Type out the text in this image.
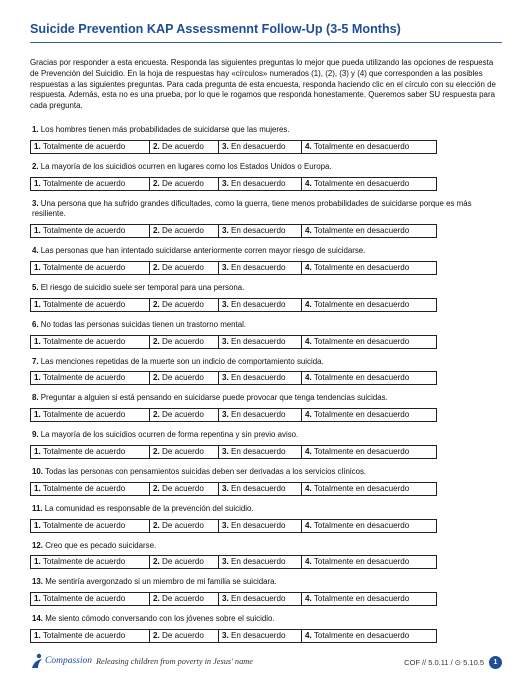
Suicide Prevention KAP Assessmennt Follow-Up (3-5 Months)
Gracias por responder a esta encuesta. Responda las siguientes preguntas lo mejor que pueda utilizando las opciones de respuesta de Prevención del Suicidio. En la hoja de respuestas hay «círculos» numerados (1), (2), (3) y (4) que corresponden a las posibles respuestas a las siguientes preguntas. Para cada pregunta de esta encuesta, responda haciendo clic en el círculo con su elección de respuesta. Además, esta no es una prueba, por lo que le rogamos que responda honestamente. Queremos saber SU respuesta para cada pregunta.
1. Los hombres tienen más probabilidades de suicidarse que las mujeres.
1. Totalmente de acuerdo	2. De acuerdo	3. En desacuerdo	4. Totalmente en desacuerdo
2. La mayoría de los suicidios ocurren en lugares como los Estados Unidos o Europa.
1. Totalmente de acuerdo	2. De acuerdo	3. En desacuerdo	4. Totalmente en desacuerdo
3. Una persona que ha sufrido grandes dificultades, como la guerra, tiene menos probabilidades de suicidarse porque es más resiliente.
1. Totalmente de acuerdo	2. De acuerdo	3. En desacuerdo	4. Totalmente en desacuerdo
4. Las personas que han intentado suicidarse anteriormente corren mayor riesgo de suicidarse.
1. Totalmente de acuerdo	2. De acuerdo	3. En desacuerdo	4. Totalmente en desacuerdo
5. El riesgo de suicidio suele ser temporal para una persona.
1. Totalmente de acuerdo	2. De acuerdo	3. En desacuerdo	4. Totalmente en desacuerdo
6. No todas las personas suicidas tienen un trastorno mental.
1. Totalmente de acuerdo	2. De acuerdo	3. En desacuerdo	4. Totalmente en desacuerdo
7. Las menciones repetidas de la muerte son un indicio de comportamiento suicida.
1. Totalmente de acuerdo	2. De acuerdo	3. En desacuerdo	4. Totalmente en desacuerdo
8. Preguntar a alguien si está pensando en suicidarse puede provocar que tenga tendencias suicidas.
1. Totalmente de acuerdo	2. De acuerdo	3. En desacuerdo	4. Totalmente en desacuerdo
9. La mayoría de los suicidios ocurren de forma repentina y sin previo aviso.
1. Totalmente de acuerdo	2. De acuerdo	3. En desacuerdo	4. Totalmente en desacuerdo
10. Todas las personas con pensamientos suicidas deben ser derivadas a los servicios clínicos.
1. Totalmente de acuerdo	2. De acuerdo	3. En desacuerdo	4. Totalmente en desacuerdo
11. La comunidad es responsable de la prevención del suicidio.
1. Totalmente de acuerdo	2. De acuerdo	3. En desacuerdo	4. Totalmente en desacuerdo
12. Creo que es pecado suicidarse.
1. Totalmente de acuerdo	2. De acuerdo	3. En desacuerdo	4. Totalmente en desacuerdo
13. Me sentiría avergonzado si un miembro de mi familia se suicidara.
1. Totalmente de acuerdo	2. De acuerdo	3. En desacuerdo	4. Totalmente en desacuerdo
14. Me siento cómodo conversando con los jóvenes sobre el suicidio.
1. Totalmente de acuerdo	2. De acuerdo	3. En desacuerdo	4. Totalmente en desacuerdo
Compassion Releasing children from poverty in Jesus' name	COF // 5.0.11 / ⊙ 5.10.5	1
